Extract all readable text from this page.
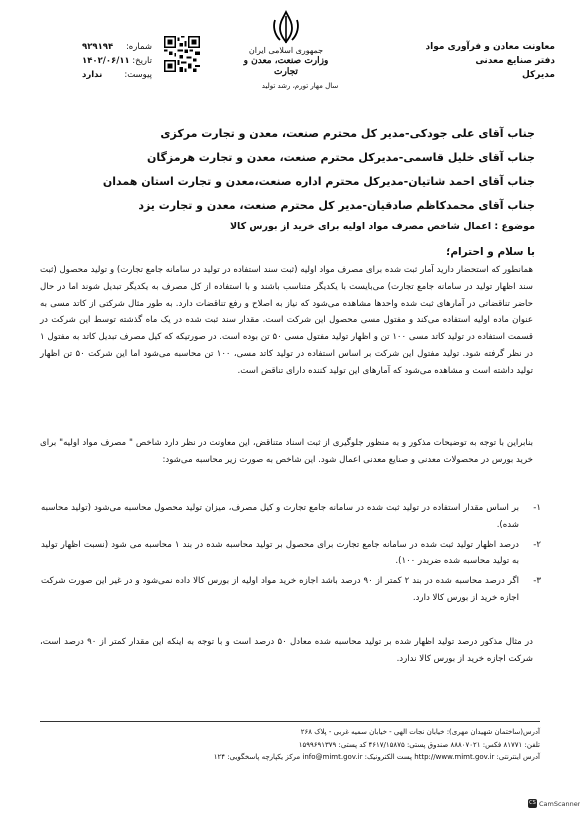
معاونت معادن و فرآوری مواد
دفتر صنایع معدنی
مدیرکل
جمهوری اسلامی ایران
وزارت صنعت، معدن و تجارت
سال مهار تورم، رشد تولید
شماره:
۹۲۹۱۹۴
تاریخ:
۱۴۰۲/۰۶/۱۱
پیوست:
ندارد
جناب آقای علی جودکی-مدیر کل محترم صنعت، معدن و تجارت مرکزی
جناب آقای خلیل قاسمی-مدیرکل محترم صنعت، معدن و تجارت هرمزگان
جناب آقای احمد شاتیان-مدیرکل محترم اداره صنعت،معدن و تجارت استان همدان
جناب آقای محمدکاظم صادقیان-مدیر کل محترم صنعت، معدن و تجارت یزد
موضوع : اعمال شاخص مصرف مواد اولیه برای خرید از بورس کالا
با سلام و احترام؛
همانطور که استحضار دارید آمار ثبت شده برای مصرف مواد اولیه (ثبت سند استفاده در تولید در سامانه جامع تجارت) و تولید محصول (ثبت سند اظهار تولید در سامانه جامع تجارت) می‌بایست با یکدیگر متناسب باشند و با استفاده از کل مصرف به یکدیگر تبدیل شوند اما در حال حاضر تناقضاتی در آمارهای ثبت شده واحدها مشاهده می‌شود که نیاز به اصلاح و رفع تناقضات دارد. به طور مثال شرکتی از کاتد مسی به عنوان ماده اولیه استفاده می‌کند و مفتول مسی محصول این شرکت است. مقدار سند ثبت شده در یک ماه گذشته توسط این شرکت در قسمت استفاده در تولید کاتد مسی ۱۰۰ تن و اظهار تولید مفتول مسی ۵۰ تن بوده است. در صورتیکه که کیل مصرف تبدیل کاتد به مفتول ۱ در نظر گرفته شود. تولید مفتول این شرکت بر اساس استفاده در تولید کاتد مسی، ۱۰۰ تن محاسبه می‌شود اما این شرکت ۵۰ تن اظهار تولید داشته است و مشاهده می‌شود که آمارهای این تولید کننده دارای تناقض است.
بنابراین با توجه به توضیحات مذکور و به منظور جلوگیری از ثبت اسناد متناقض، این معاونت در نظر دارد شاخص " مصرف مواد اولیه" برای خرید بورس در محصولات معدنی و صنایع معدنی اعمال شود. این شاخص به صورت زیر محاسبه می‌شود:
۱-
بر اساس مقدار استفاده در تولید ثبت شده در سامانه جامع تجارت و کیل مصرف، میزان تولید محصول محاسبه می‌شود (تولید محاسبه شده).
۲-
درصد اظهار تولید ثبت شده در سامانه جامع تجارت برای محصول بر تولید محاسبه شده در بند ۱ محاسبه می شود (نسبت اظهار تولید به تولید محاسبه شده ضربدر ۱۰۰).
۳-
اگر درصد محاسبه شده در بند ۲ کمتر از ۹۰ درصد باشد اجازه خرید مواد اولیه از بورس کالا داده نمی‌شود و در غیر این صورت شرکت اجازه خرید از بورس کالا دارد.
در مثال مذکور درصد تولید اظهار شده بر تولید محاسبه شده معادل ۵۰ درصد است و با توجه به اینکه این مقدار کمتر از ۹۰ درصد است، شرکت اجازه خرید از بورس کالا ندارد.
آدرس(ساختمان شهیدان مهری): خیابان نجات الهی - خیابان سمیه غربی - پلاک ۲۶۸
تلفن: ۸۱۷۷۱ فکس: ۸۸۸۰۷۰۲۱ صندوق پستی: ۴۶۱۷/۱۵۸۷۵ کد پستی: ۱۵۹۹۶۹۱۳۷۹
آدرس اینترنتی: http://www.mimt.gov.ir پست الکترونیک: info@mimt.gov.ir مرکز یکپارچه پاسخگویی: ۱۲۴
CS CamScanner
